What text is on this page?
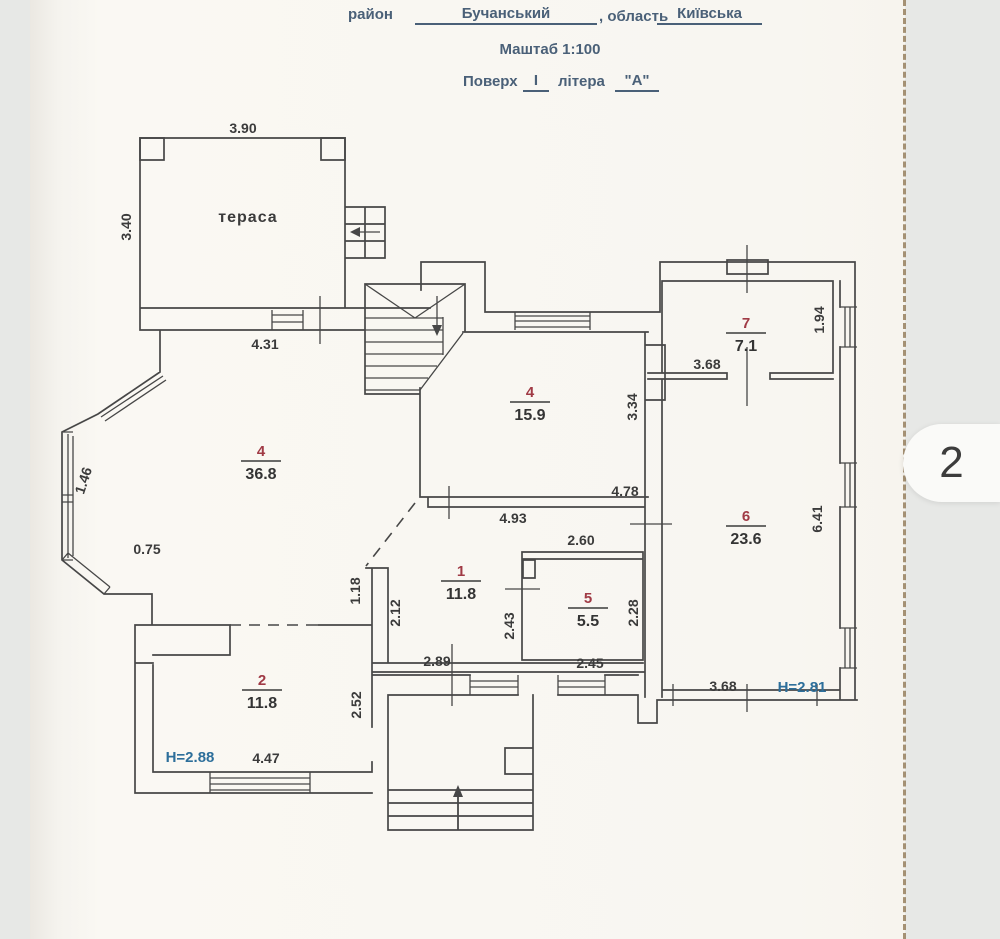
район	Бучанський	, область Київська
Маштаб 1:100
Поверх	I	літера	"А"
3.90
3.40
4.31
1.94
3.68
3.34
4.78
4.93
2.60
6.41
1.46
0.75
1.18
2.12	2.43	2.28
2.89	2.45
2.52
3.68
4.47
H=2.88
H=2.81
тераса
7
7.1
4
15.9
4
36.8
6
23.6
1
11.8	5
5.5
2
11.8
2
